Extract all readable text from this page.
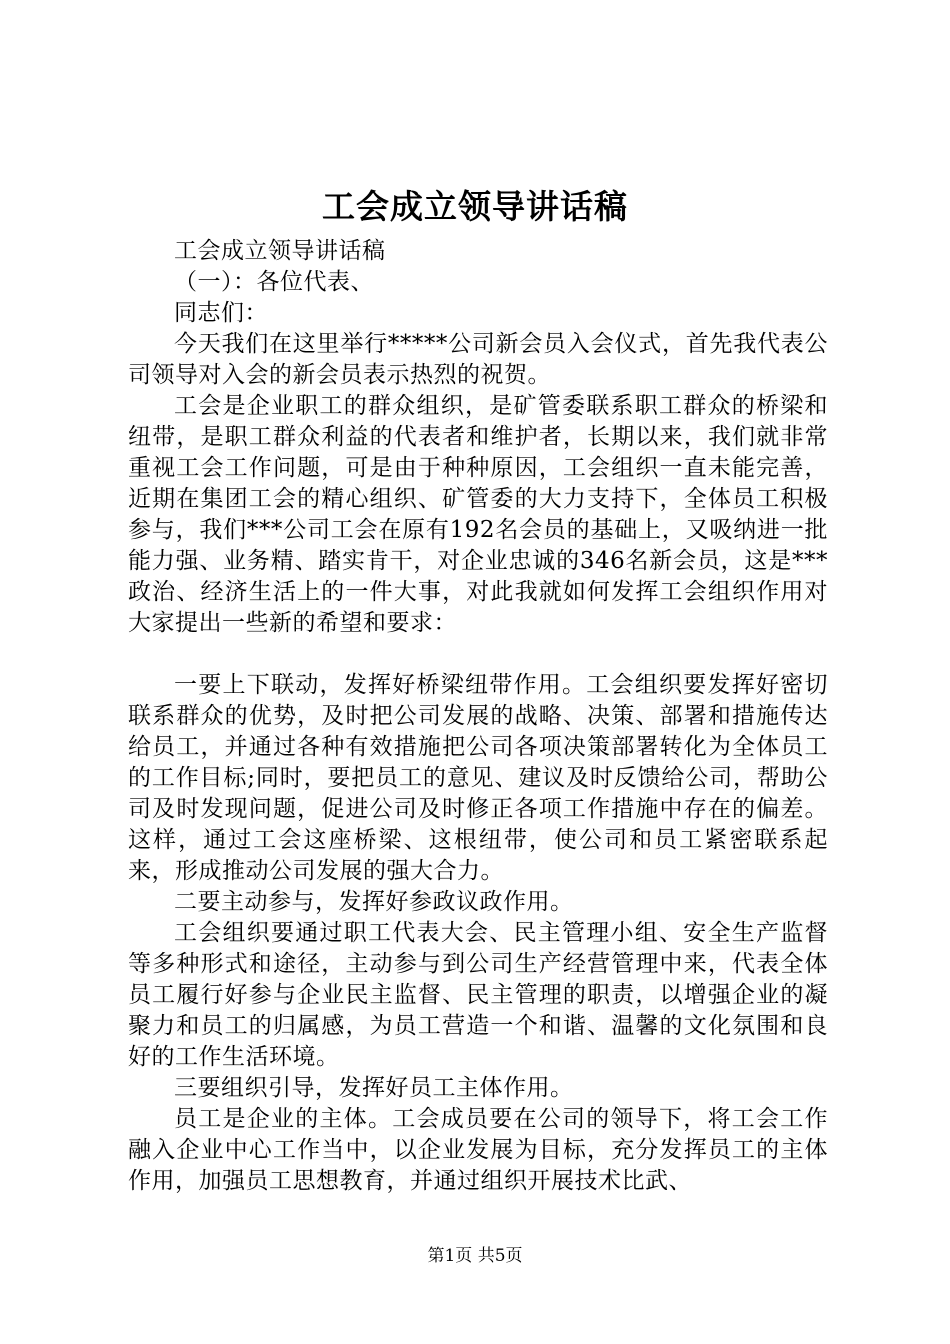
工会成立领导讲话稿

工会成立领导讲话稿

（一）：各位代表、

同志们：

今天我们在这里举行*****公司新会员入会仪式，首先我代表公司领导对入会的新会员表示热烈的祝贺。

工会是企业职工的群众组织，是矿管委联系职工群众的桥梁和纽带，是职工群众利益的代表者和维护者，长期以来，我们就非常重视工会工作问题，可是由于种种原因，工会组织一直未能完善，近期在集团工会的精心组织、矿管委的大力支持下，全体员工积极参与，我们***公司工会在原有192名会员的基础上，又吸纳进一批能力强、业务精、踏实肯干，对企业忠诚的346名新会员，这是***政治、经济生活上的一件大事，对此我就如何发挥工会组织作用对大家提出一些新的希望和要求：

一要上下联动，发挥好桥梁纽带作用。工会组织要发挥好密切联系群众的优势，及时把公司发展的战略、决策、部署和措施传达给员工，并通过各种有效措施把公司各项决策部署转化为全体员工的工作目标;同时，要把员工的意见、建议及时反馈给公司，帮助公司及时发现问题，促进公司及时修正各项工作措施中存在的偏差。这样，通过工会这座桥梁、这根纽带，使公司和员工紧密联系起来，形成推动公司发展的强大合力。

二要主动参与，发挥好参政议政作用。

工会组织要通过职工代表大会、民主管理小组、安全生产监督等多种形式和途径，主动参与到公司生产经营管理中来，代表全体员工履行好参与企业民主监督、民主管理的职责，以增强企业的凝聚力和员工的归属感，为员工营造一个和谐、温馨的文化氛围和良好的工作生活环境。

三要组织引导，发挥好员工主体作用。

员工是企业的主体。工会成员要在公司的领导下，将工会工作融入企业中心工作当中，以企业发展为目标，充分发挥员工的主体作用，加强员工思想教育，并通过组织开展技术比武、

第1页 共5页
